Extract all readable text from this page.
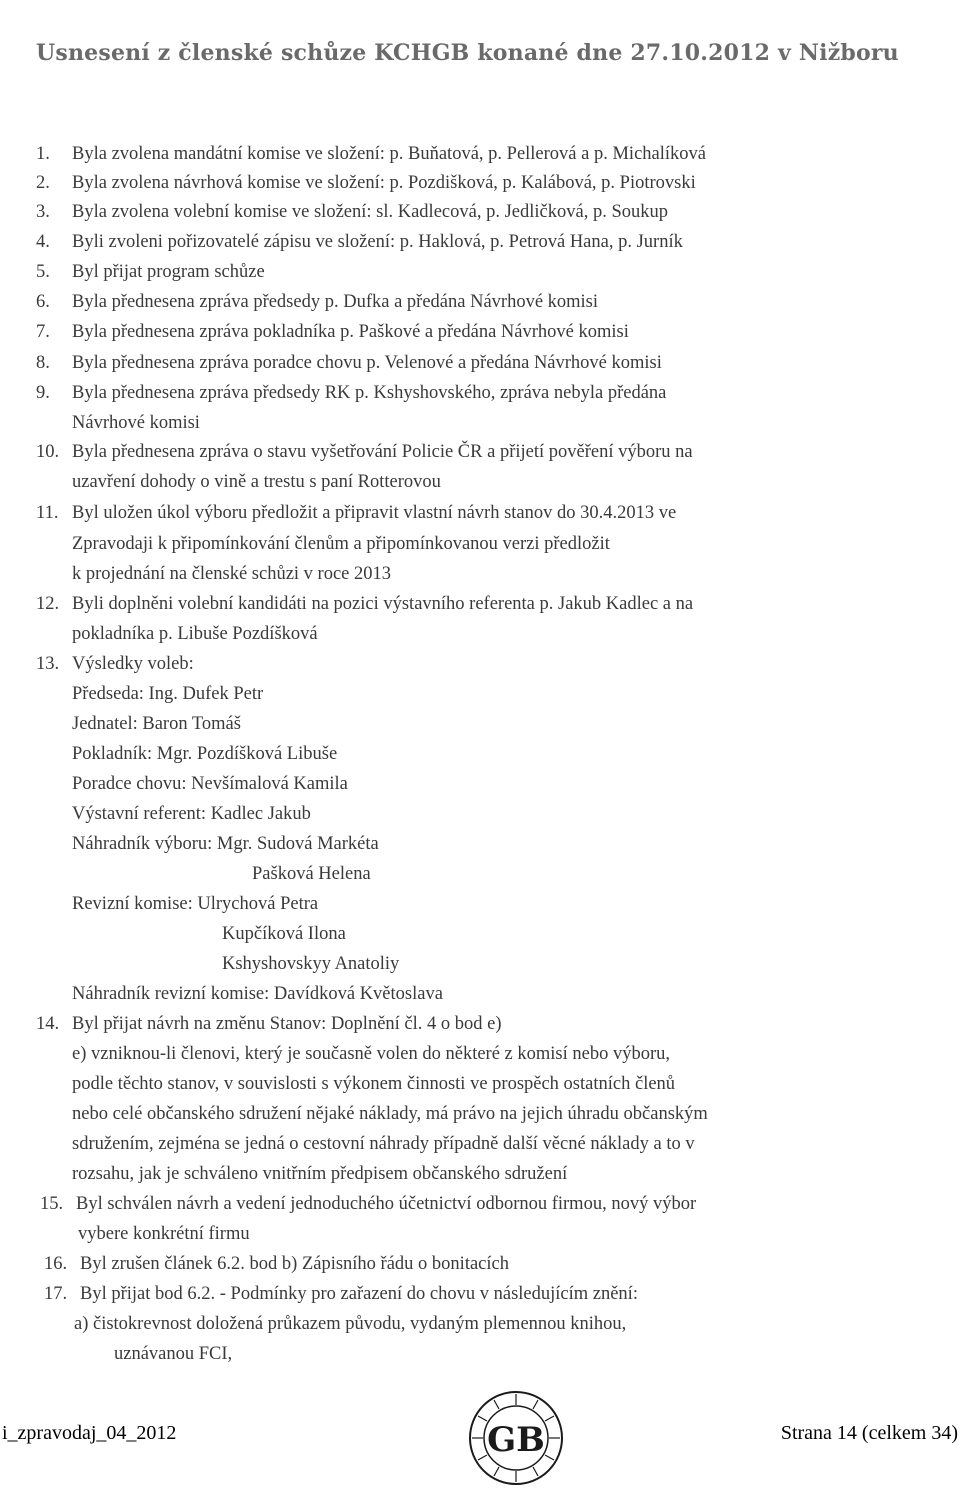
Usnesení z členské schůze KCHGB konané dne 27.10.2012 v Nižboru
1. Byla zvolena mandátní komise ve složení: p. Buňatová, p. Pellerová a p. Michalíková
2. Byla zvolena návrhová komise ve složení: p. Pozdišková, p. Kalábová, p. Piotrovski
3. Byla zvolena volební komise ve složení: sl. Kadlecová, p. Jedličková, p. Soukup
4. Byli zvoleni pořizovatelé zápisu ve složení: p. Haklová, p. Petrová Hana, p. Jurník
5. Byl přijat program schůze
6. Byla přednesena zpráva předsedy p. Dufka a předána Návrhové komisi
7. Byla přednesena zpráva pokladníka p. Paškové a předána Návrhové komisi
8. Byla přednesena zpráva poradce chovu p. Velenové a předána Návrhové komisi
9. Byla přednesena zpráva předsedy RK p. Kshyshovského, zpráva nebyla předána
Návrhové komisi
10. Byla přednesena zpráva o stavu vyšetřování Policie ČR a přijetí pověření výboru na
uzavření dohody o vině a trestu s paní Rotterovou
11. Byl uložen úkol výboru předložit a připravit vlastní návrh stanov do 30.4.2013 ve
Zpravodaji k připomínkování členům a připomínkovanou verzi předložit
k projednání na členské schůzi v roce 2013
12. Byli doplněni volební kandidáti na pozici výstavního referenta p. Jakub Kadlec a na
pokladníka p. Libuše Pozdíšková
13. Výsledky voleb:
Předseda: Ing. Dufek Petr
Jednatel: Baron Tomáš
Pokladník: Mgr. Pozdíšková Libuše
Poradce chovu: Nevšímalová Kamila
Výstavní referent: Kadlec Jakub
Náhradník výboru: Mgr. Sudová Markéta
Pašková Helena
Revizní komise: Ulrychová Petra
Kupčíková Ilona
Kshyshovskyy Anatoliy
Náhradník revizní komise: Davídková Květoslava
14. Byl přijat návrh na změnu Stanov: Doplnění čl. 4 o bod e)
e) vzniknou-li členovi, který je současně volen do některé z komisí nebo výboru,
podle těchto stanov, v souvislosti s výkonem činnosti ve prospěch ostatních členů
nebo celé občanského sdružení nějaké náklady, má právo na jejich úhradu občanským
sdružením, zejména se jedná o cestovní náhrady případně další věcné náklady a to v
rozsahu, jak je schváleno vnitřním předpisem občanského sdružení
15. Byl schválen návrh a vedení jednoduchého účetnictví odbornou firmou, nový výbor
vybere konkrétní firmu
16. Byl zrušen článek 6.2. bod b) Zápisního řádu o bonitacích
17. Byl přijat bod 6.2. - Podmínky pro zařazení do chovu v následujícím znění:
a) čistokrevnost doložená průkazem původu, vydaným plemennou knihou,
uznávanou FCI,
GB
i_zpravodaj_04_2012	Strana 14 (celkem 34)
